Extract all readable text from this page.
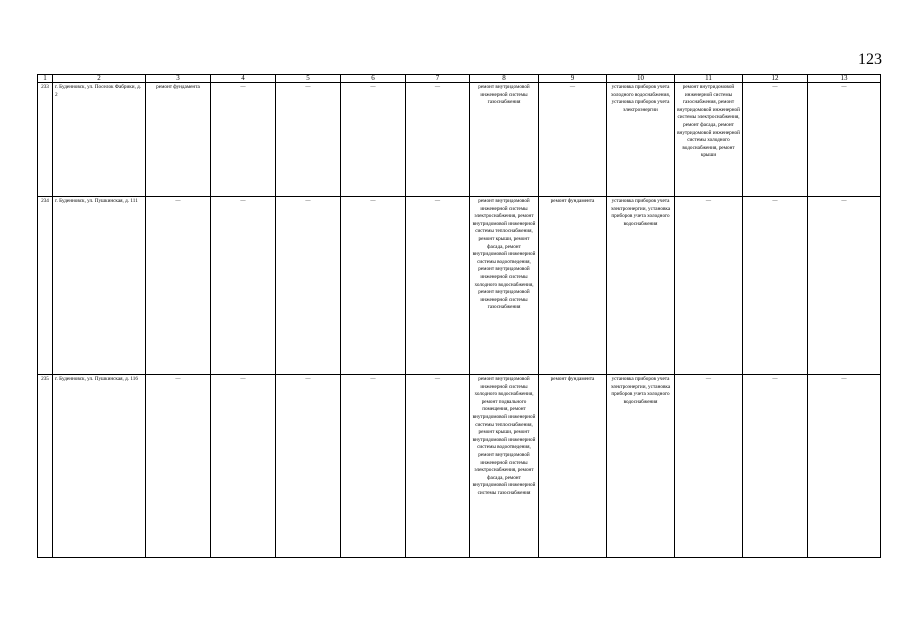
123
1	2	3	4	5	6	7	8	9	10	11	12	13
233	г. Буденновск, ул. Поселок Фабрики, д. 2	ремонт фундамента	—	—	—	—	ремонт внутридомовой инженерной системы газоснабжения	—	установка приборов учета холодного водоснабжения, установка приборов учета электроэнергии	ремонт внутридомовой инженерной системы газоснабжения, ремонт внутридомовой инженерной системы электроснабжения, ремонт фасада, ремонт внутридомовой инженерной системы холодного водоснабжения, ремонт крыши	—	—
234	г. Буденновск, ул. Пушкинская, д. 111	—	—	—	—	—	ремонт внутридомовой инженерной системы электроснабжения, ремонт внутридомовой инженерной системы теплоснабжения, ремонт крыши, ремонт фасада, ремонт внутридомовой инженерной системы водоотведения, ремонт внутридомовой инженерной системы холодного водоснабжения, ремонт внутридомовой инженерной системы газоснабжения	ремонт фундамента	установка приборов учета электроэнергии, установка приборов учета холодного водоснабжения	—	—	—
235	г. Буденновск, ул. Пушкинская, д. 116	—	—	—	—	—	ремонт внутридомовой инженерной системы холодного водоснабжения, ремонт подвального помещения, ремонт внутридомовой инженерной системы теплоснабжения, ремонт крыши, ремонт внутридомовой инженерной системы водоотведения, ремонт внутридомовой инженерной системы электроснабжения, ремонт фасада, ремонт внутридомовой инженерной системы газоснабжения	ремонт фундамента	установка приборов учета электроэнергии, установка приборов учета холодного водоснабжения	—	—	—
